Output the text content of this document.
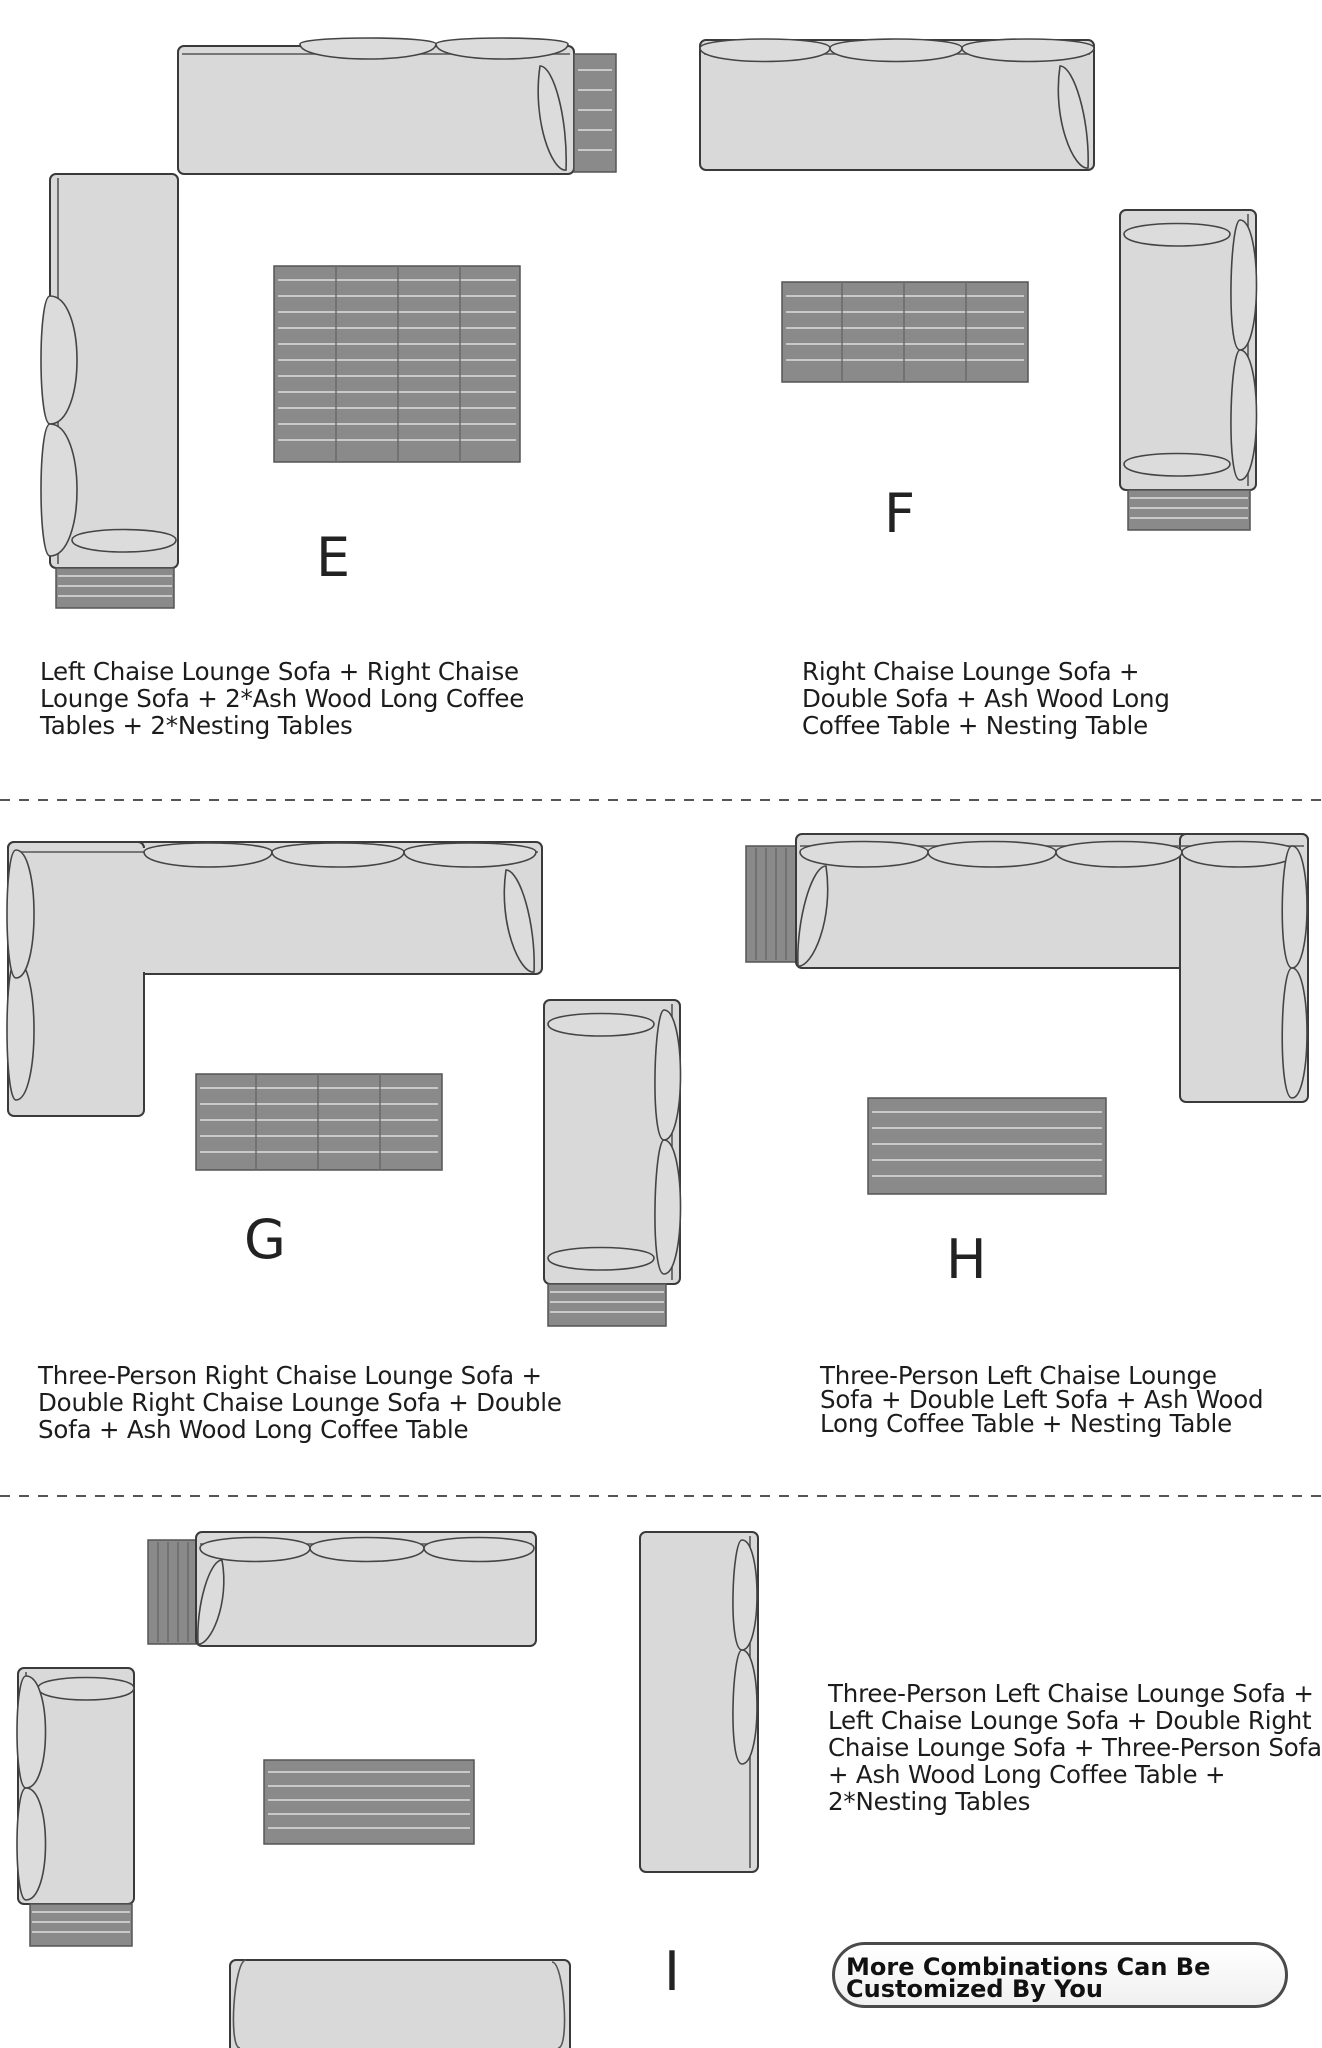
E
F
G	H
I
Left Chaise Lounge Sofa + Right Chaise
Lounge Sofa + 2*Ash Wood Long Coffee
Tables + 2*Nesting Tables
Right Chaise Lounge Sofa +
Double Sofa + Ash Wood Long
Coffee Table + Nesting Table
Three-Person Right Chaise Lounge Sofa +
Double Right Chaise Lounge Sofa + Double
Sofa + Ash Wood Long Coffee Table
Three-Person Left Chaise Lounge
Sofa + Double Left Sofa + Ash Wood
Long Coffee Table + Nesting Table
Three-Person Left Chaise Lounge Sofa +
Left Chaise Lounge Sofa + Double Right
Chaise Lounge Sofa + Three-Person Sofa
+ Ash Wood Long Coffee Table +
2*Nesting Tables
More Combinations Can Be
Customized By You
